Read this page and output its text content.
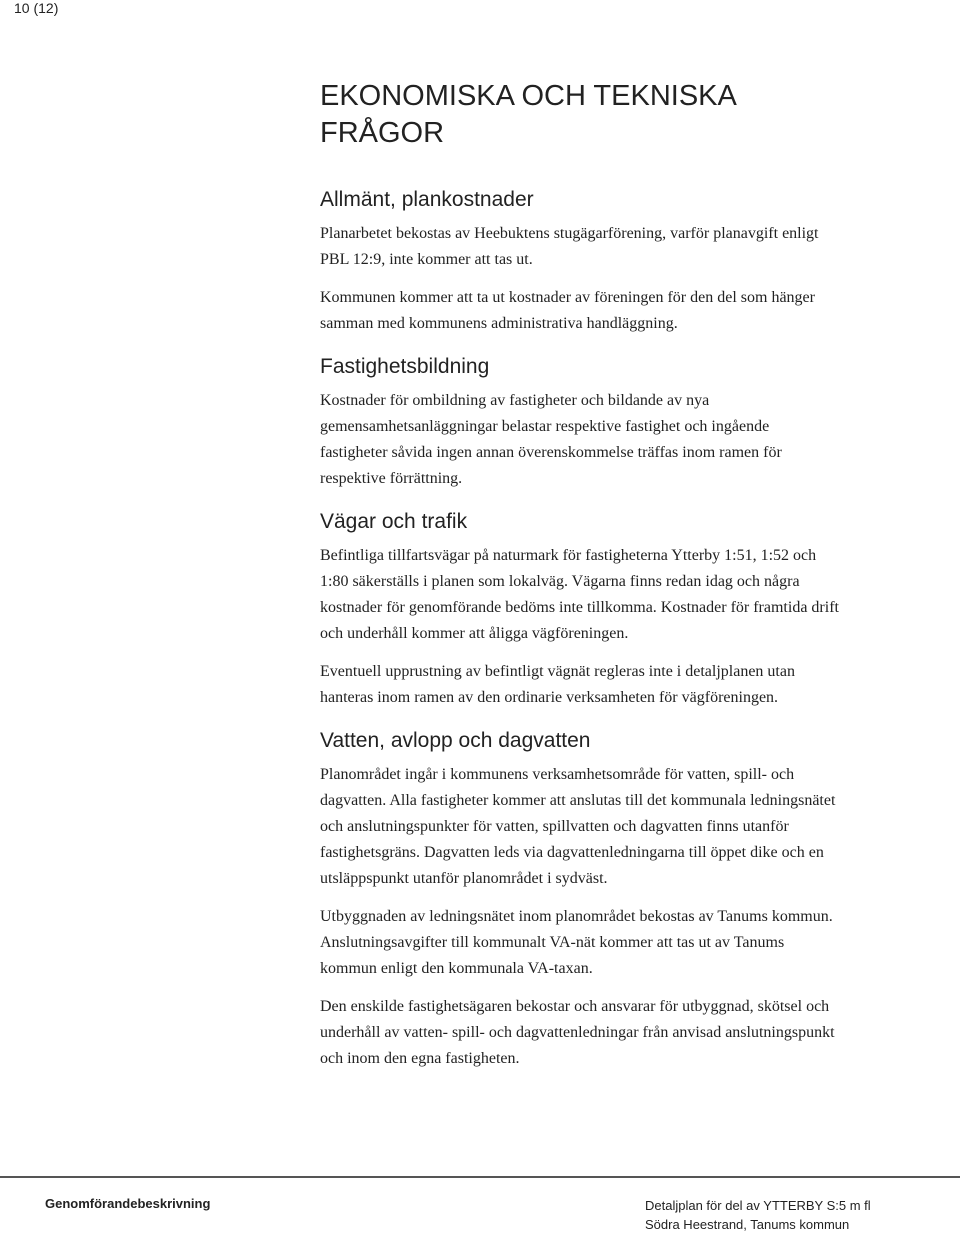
10 (12)
EKONOMISKA OCH TEKNISKA FRÅGOR
Allmänt, plankostnader

Planarbetet bekostas av Heebuktens stugägarförening, varför planavgift enligt PBL 12:9, inte kommer att tas ut.

Kommunen kommer att ta ut kostnader av föreningen för den del som hänger samman med kommunens administrativa handläggning.

Fastighetsbildning

Kostnader för ombildning av fastigheter och bildande av nya gemensamhetsanläggningar belastar respektive fastighet och ingående fastigheter såvida ingen annan överenskommelse träffas inom ramen för respektive förrättning.

Vägar och trafik

Befintliga tillfartsvägar på naturmark för fastigheterna Ytterby 1:51, 1:52 och 1:80 säkerställs i planen som lokalväg. Vägarna finns redan idag och några kostnader för genomförande bedöms inte tillkomma. Kostnader för framtida drift och underhåll kommer att åligga vägföreningen.

Eventuell upprustning av befintligt vägnät regleras inte i detaljplanen utan hanteras inom ramen av den ordinarie verksamheten för vägföreningen.

Vatten, avlopp och dagvatten

Planområdet ingår i kommunens verksamhetsområde för vatten, spill- och dagvatten. Alla fastigheter kommer att anslutas till det kommunala ledningsnätet och anslutningspunkter för vatten, spillvatten och dagvatten finns utanför fastighetsgräns. Dagvatten leds via dagvattenledningarna till öppet dike och en utsläppspunkt utanför planområdet i sydväst.

Utbyggnaden av ledningsnätet inom planområdet bekostas av Tanums kommun. Anslutningsavgifter till kommunalt VA-nät kommer att tas ut av Tanums kommun enligt den kommunala VA-taxan.

Den enskilde fastighetsägaren bekostar och ansvarar för utbyggnad, skötsel och underhåll av vatten- spill- och dagvattenledningar från anvisad anslutningspunkt och inom den egna fastigheten.

Genomförandebeskrivning	Detaljplan för del av YTTERBY S:5 m fl
Södra Heestrand, Tanums kommun
